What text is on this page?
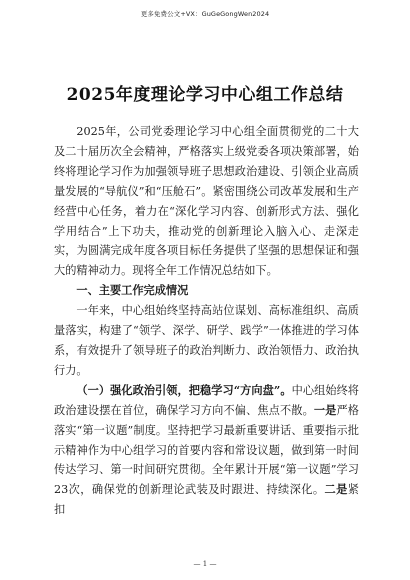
更多免费公文+VX：GuGeGongWen2024
2025年度理论学习中心组工作总结

2025年，公司党委理论学习中心组全面贯彻党的二十大及二十届历次全会精神，严格落实上级党委各项决策部署，始终将理论学习作为加强领导班子思想政治建设、引领企业高质量发展的“导航仪”和“压舱石”。紧密围绕公司改革发展和生产经营中心任务，着力在“深化学习内容、创新形式方法、强化学用结合”上下功夫，推动党的创新理论入脑入心、走深走实，为圆满完成年度各项目标任务提供了坚强的思想保证和强大的精神动力。现将全年工作情况总结如下。

一、主要工作完成情况

一年来，中心组始终坚持高站位谋划、高标准组织、高质量落实，构建了“领学、深学、研学、践学”一体推进的学习体系，有效提升了领导班子的政治判断力、政治领悟力、政治执行力。

（一）强化政治引领，把稳学习“方向盘”。中心组始终将政治建设摆在首位，确保学习方向不偏、焦点不散。一是严格落实“第一议题”制度。坚持把学习最新重要讲话、重要指示批示精神作为中心组学习的首要内容和常设议题，做到第一时间传达学习、第一时间研究贯彻。全年累计开展“第一议题”学习23次，确保党的创新理论武装及时跟进、持续深化。二是紧扣

— 1 —
